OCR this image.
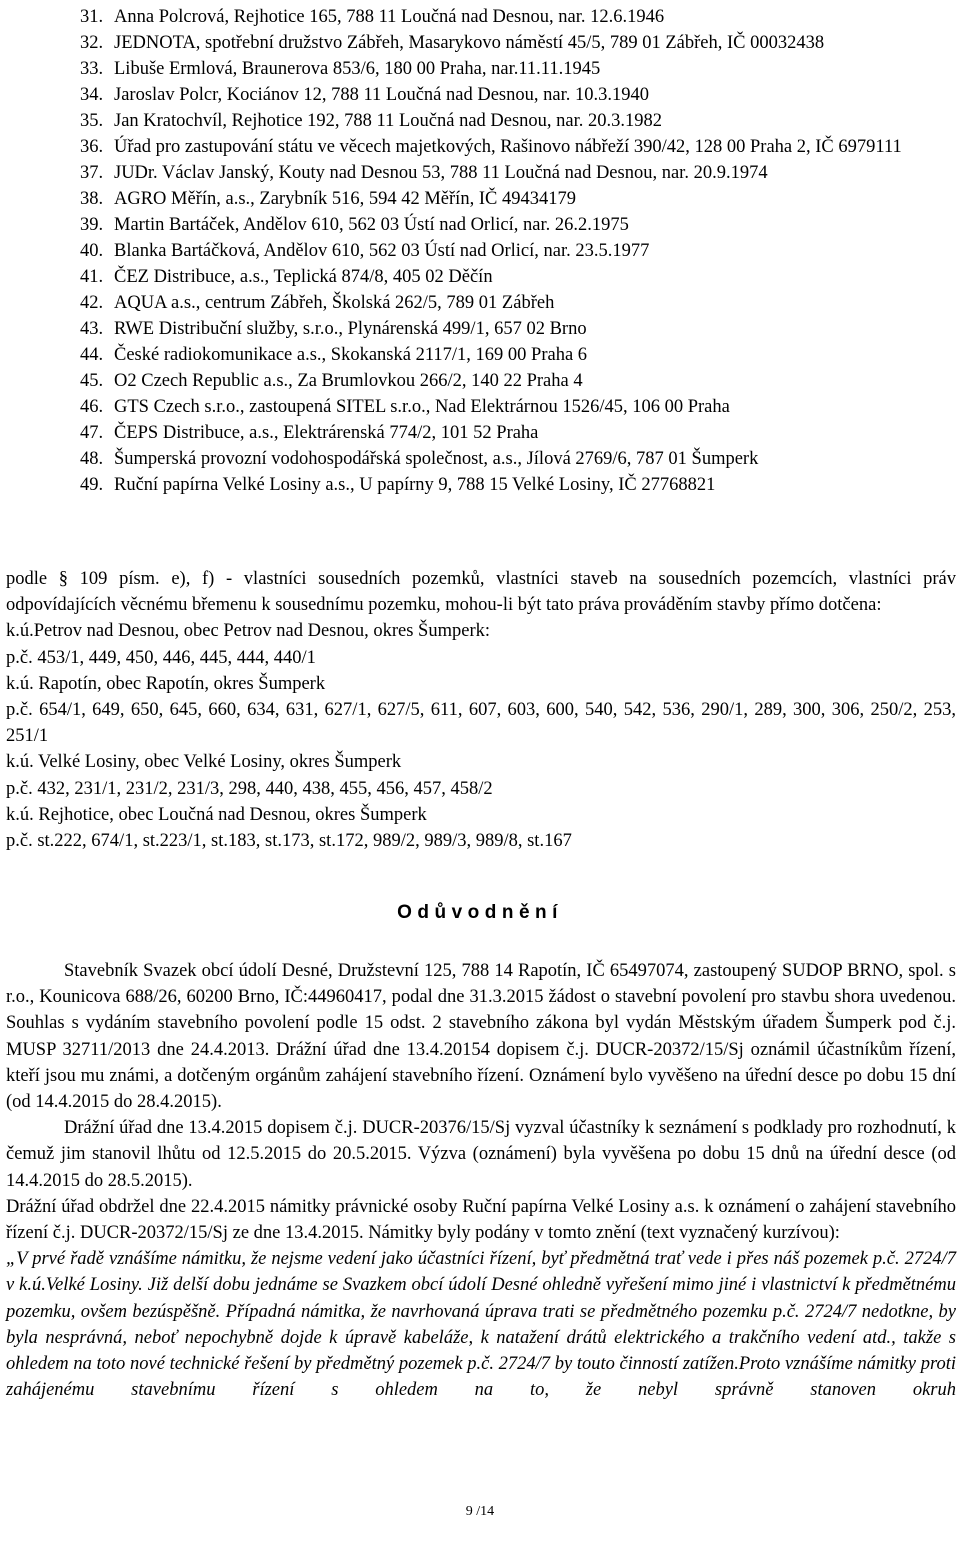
31. Anna Polcrová, Rejhotice 165, 788 11 Loučná nad Desnou, nar. 12.6.1946
32. JEDNOTA, spotřební družstvo Zábřeh, Masarykovo náměstí 45/5, 789 01 Zábřeh, IČ 00032438
33. Libuše Ermlová, Braunerova 853/6, 180 00 Praha, nar.11.11.1945
34. Jaroslav Polcr, Kociánov 12, 788 11 Loučná nad Desnou, nar. 10.3.1940
35. Jan Kratochvíl, Rejhotice 192, 788 11 Loučná nad Desnou, nar. 20.3.1982
36. Úřad pro zastupování státu ve věcech majetkových, Rašinovo nábřeží 390/42, 128 00 Praha 2, IČ 6979111
37. JUDr. Václav Janský, Kouty nad Desnou 53, 788 11 Loučná nad Desnou, nar. 20.9.1974
38. AGRO Měřín, a.s., Zarybník 516, 594 42 Měřín, IČ 49434179
39. Martin Bartáček, Andělov 610, 562 03 Ústí nad Orlicí, nar. 26.2.1975
40. Blanka Bartáčková, Andělov 610, 562 03 Ústí nad Orlicí, nar. 23.5.1977
41. ČEZ Distribuce, a.s., Teplická 874/8, 405 02 Děčín
42. AQUA a.s., centrum Zábřeh, Školská 262/5, 789 01 Zábřeh
43. RWE Distribuční služby, s.r.o., Plynárenská 499/1, 657 02 Brno
44. České radiokomunikace a.s., Skokanská 2117/1, 169 00 Praha 6
45. O2 Czech Republic a.s., Za Brumlovkou 266/2, 140 22 Praha 4
46. GTS Czech s.r.o., zastoupená SITEL s.r.o., Nad Elektrárnou 1526/45, 106 00 Praha
47. ČEPS Distribuce, a.s., Elektrárenská 774/2, 101 52 Praha
48. Šumperská provozní vodohospodářská společnost, a.s., Jílová 2769/6, 787 01 Šumperk
49. Ruční papírna Velké Losiny a.s., U papírny 9, 788 15 Velké Losiny, IČ 27768821

podle § 109 písm. e), f) - vlastníci sousedních pozemků, vlastníci staveb na sousedních pozemcích, vlastníci práv odpovídajících věcnému břemenu k sousednímu pozemku, mohou-li být tato práva prováděním stavby přímo dotčena:

k.ú.Petrov nad Desnou, obec Petrov nad Desnou, okres Šumperk:

p.č. 453/1, 449, 450, 446, 445, 444, 440/1

k.ú. Rapotín, obec Rapotín, okres Šumperk

p.č. 654/1, 649, 650, 645, 660, 634, 631, 627/1, 627/5, 611, 607, 603, 600, 540, 542, 536, 290/1, 289, 300, 306, 250/2, 253, 251/1

k.ú. Velké Losiny, obec Velké Losiny, okres Šumperk

p.č. 432, 231/1, 231/2, 231/3, 298, 440, 438, 455, 456, 457, 458/2

k.ú. Rejhotice, obec Loučná nad Desnou, okres Šumperk

p.č. st.222, 674/1, st.223/1, st.183, st.173, st.172, 989/2, 989/3, 989/8, st.167

Odůvodnění

Stavebník Svazek obcí údolí Desné, Družstevní 125, 788 14 Rapotín, IČ 65497074, zastoupený SUDOP BRNO, spol. s r.o., Kounicova 688/26, 60200 Brno, IČ:44960417, podal dne 31.3.2015 žádost o stavební povolení pro stavbu shora uvedenou. Souhlas s vydáním stavebního povolení podle 15 odst. 2 stavebního zákona byl vydán Městským úřadem Šumperk pod č.j. MUSP 32711/2013 dne 24.4.2013. Drážní úřad dne 13.4.20154 dopisem č.j. DUCR-20372/15/Sj oznámil účastníkům řízení, kteří jsou mu známi, a dotčeným orgánům zahájení stavebního řízení. Oznámení bylo vyvěšeno na úřední desce po dobu 15 dní (od 14.4.2015 do 28.4.2015).

Drážní úřad dne 13.4.2015 dopisem č.j. DUCR-20376/15/Sj vyzval účastníky k seznámení s podklady pro rozhodnutí, k čemuž jim stanovil lhůtu od 12.5.2015 do 20.5.2015. Výzva (oznámení) byla vyvěšena po dobu 15 dnů na úřední desce (od 14.4.2015 do 28.5.2015).

Drážní úřad obdržel dne 22.4.2015 námitky právnické osoby Ruční papírna Velké Losiny a.s. k oznámení o zahájení stavebního řízení č.j. DUCR-20372/15/Sj ze dne 13.4.2015. Námitky byly podány v tomto znění (text vyznačený kurzívou):

„V prvé řadě vznášíme námitku, že nejsme vedení jako účastníci řízení, byť předmětná trať vede i přes náš pozemek p.č. 2724/7 v k.ú.Velké Losiny. Již delší dobu jednáme se Svazkem obcí údolí Desné ohledně vyřešení mimo jiné i vlastnictví k předmětnému pozemku, ovšem bezúspěšně. Případná námitka, že navrhovaná úprava trati se předmětného pozemku p.č. 2724/7 nedotkne, by byla nesprávná, neboť nepochybně dojde k úpravě kabeláže, k natažení drátů elektrického a trakčního vedení atd., takže s ohledem na toto nové technické řešení by předmětný pozemek p.č. 2724/7 by touto činností zatížen.Proto vznášíme námitky proti zahájenému stavebnímu řízení s ohledem na to, že nebyl správně stanoven okruh

9 /14
